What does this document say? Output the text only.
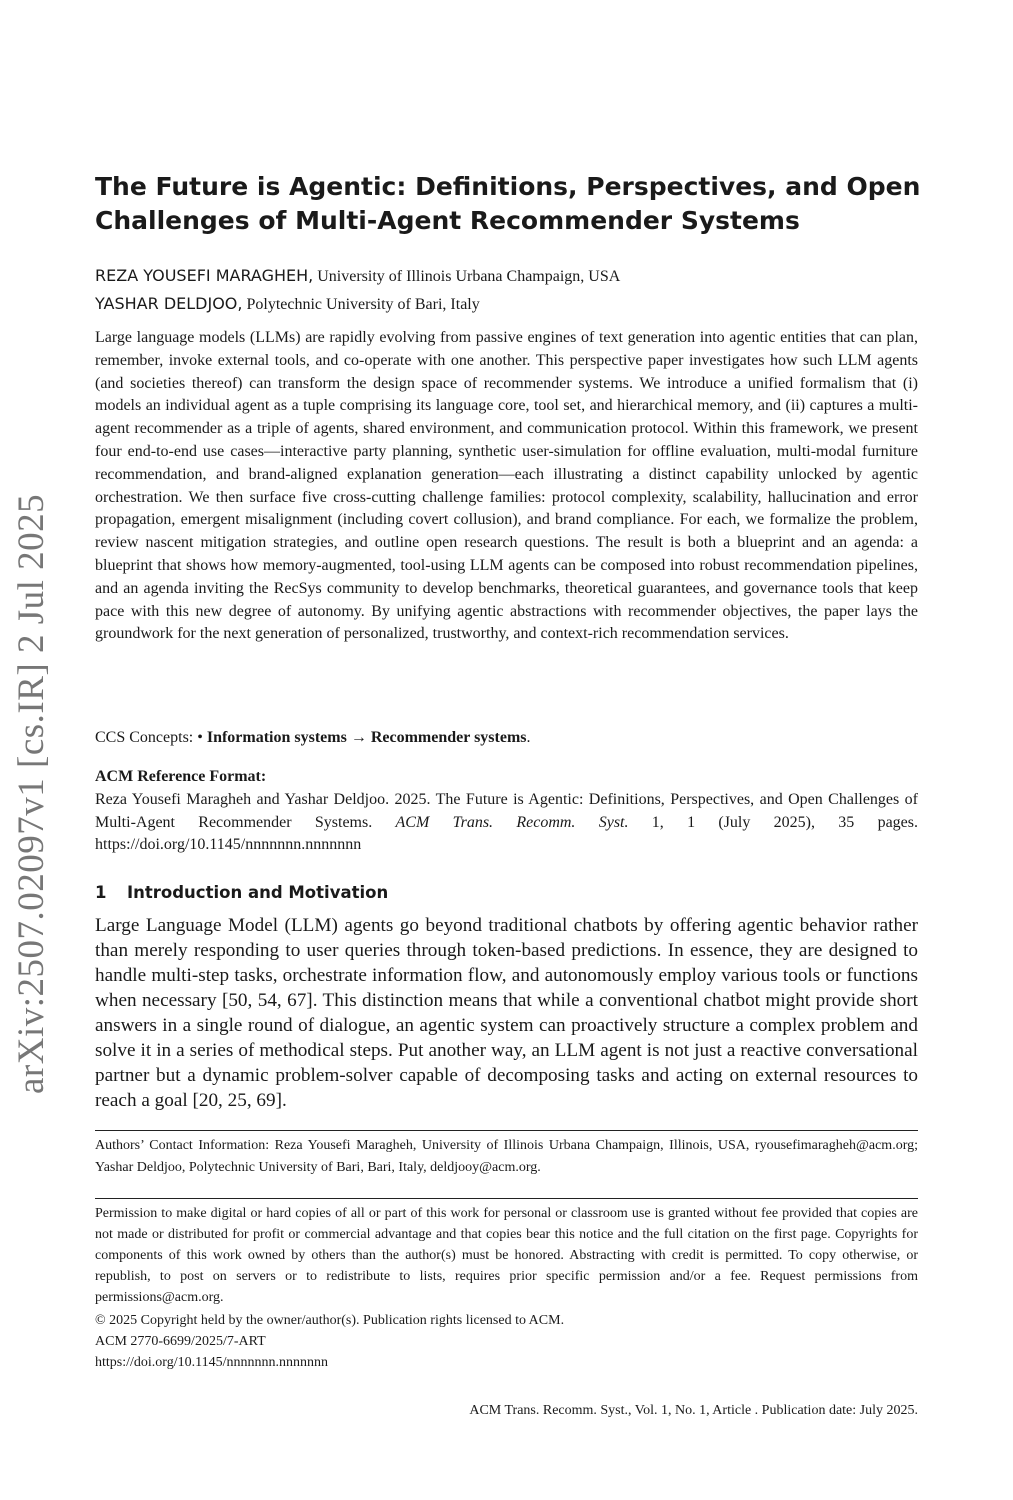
arXiv:2507.02097v1 [cs.IR] 2 Jul 2025
The Future is Agentic: Definitions, Perspectives, and Open Challenges of Multi-Agent Recommender Systems
REZA YOUSEFI MARAGHEH, University of Illinois Urbana Champaign, USA
YASHAR DELDJOO, Polytechnic University of Bari, Italy
Large language models (LLMs) are rapidly evolving from passive engines of text generation into agentic entities that can plan, remember, invoke external tools, and co-operate with one another. This perspective paper investigates how such LLM agents (and societies thereof) can transform the design space of recommender systems. We introduce a unified formalism that (i) models an individual agent as a tuple comprising its language core, tool set, and hierarchical memory, and (ii) captures a multi-agent recommender as a triple of agents, shared environment, and communication protocol. Within this framework, we present four end-to-end use cases—interactive party planning, synthetic user-simulation for offline evaluation, multi-modal furniture recommendation, and brand-aligned explanation generation—each illustrating a distinct capability unlocked by agentic orchestration. We then surface five cross-cutting challenge families: protocol complexity, scalability, hallucination and error propagation, emergent misalignment (including covert collusion), and brand compliance. For each, we formalize the problem, review nascent mitigation strategies, and outline open research questions. The result is both a blueprint and an agenda: a blueprint that shows how memory-augmented, tool-using LLM agents can be composed into robust recommendation pipelines, and an agenda inviting the RecSys community to develop benchmarks, theoretical guarantees, and governance tools that keep pace with this new degree of autonomy. By unifying agentic abstractions with recommender objectives, the paper lays the groundwork for the next generation of personalized, trustworthy, and context-rich recommendation services.
CCS Concepts: • Information systems → Recommender systems.
ACM Reference Format:
Reza Yousefi Maragheh and Yashar Deldjoo. 2025. The Future is Agentic: Definitions, Perspectives, and Open Challenges of Multi-Agent Recommender Systems. ACM Trans. Recomm. Syst. 1, 1 (July 2025), 35 pages. https://doi.org/10.1145/nnnnnnn.nnnnnnn
1 Introduction and Motivation
Large Language Model (LLM) agents go beyond traditional chatbots by offering agentic behavior rather than merely responding to user queries through token-based predictions. In essence, they are designed to handle multi-step tasks, orchestrate information flow, and autonomously employ various tools or functions when necessary [50, 54, 67]. This distinction means that while a conventional chatbot might provide short answers in a single round of dialogue, an agentic system can proactively structure a complex problem and solve it in a series of methodical steps. Put another way, an LLM agent is not just a reactive conversational partner but a dynamic problem-solver capable of decomposing tasks and acting on external resources to reach a goal [20, 25, 69].
Authors’ Contact Information: Reza Yousefi Maragheh, University of Illinois Urbana Champaign, Illinois, USA, ryousefimaragheh@acm.org; Yashar Deldjoo, Polytechnic University of Bari, Bari, Italy, deldjooy@acm.org.
Permission to make digital or hard copies of all or part of this work for personal or classroom use is granted without fee provided that copies are not made or distributed for profit or commercial advantage and that copies bear this notice and the full citation on the first page. Copyrights for components of this work owned by others than the author(s) must be honored. Abstracting with credit is permitted. To copy otherwise, or republish, to post on servers or to redistribute to lists, requires prior specific permission and/or a fee. Request permissions from permissions@acm.org.
© 2025 Copyright held by the owner/author(s). Publication rights licensed to ACM.
ACM 2770-6699/2025/7-ART
https://doi.org/10.1145/nnnnnnn.nnnnnnn
ACM Trans. Recomm. Syst., Vol. 1, No. 1, Article . Publication date: July 2025.
